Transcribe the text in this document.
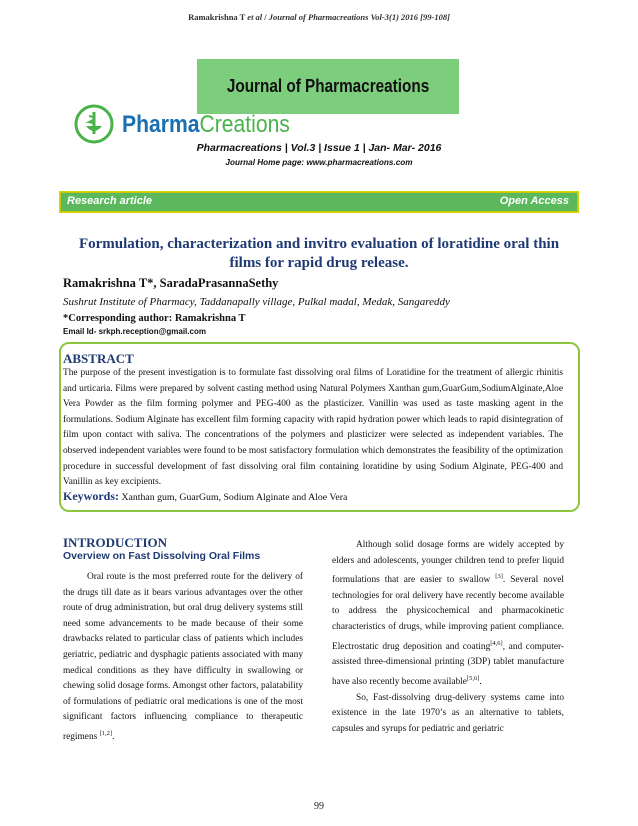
Ramakrishna T et al / Journal of Pharmacreations Vol-3(1) 2016 [99-108]
Journal of Pharmacreations
PharmaCreations
Pharmacreations | Vol.3 | Issue 1 | Jan- Mar- 2016
Journal Home page: www.pharmacreations.com
Research article	Open Access
Formulation, characterization and invitro evaluation of loratidine oral thin films for rapid drug release.
Ramakrishna T*, SaradaPrasannaSethy
Sushrut Institute of Pharmacy, Taddanapally village, Pulkal madal, Medak, Sangareddy
*Corresponding author: Ramakrishna T
Email Id- srkph.reception@gmail.com
ABSTRACT
The purpose of the present investigation is to formulate fast dissolving oral films of Loratidine for the treatment of allergic rhinitis and urticaria. Films were prepared by solvent casting method using Natural Polymers Xanthan gum,GuarGum,SodiumAlginate,Aloe Vera Powder as the film forming polymer and PEG-400 as the plasticizer. Vanillin was used as taste masking agent in the formulations. Sodium Alginate has excellent film forming capacity with rapid hydration power which leads to rapid disintegration of film upon contact with saliva. The concentrations of the polymers and plasticizer were selected as independent variables. The observed independent variables were found to be most satisfactory formulation which demonstrates the feasibility of the optimization procedure in successful development of fast dissolving oral film containing loratidine by using Sodium Alginate, PEG-400 and Vanillin as key excipients.
Keywords: Xanthan gum, GuarGum, Sodium Alginate and Aloe Vera
INTRODUCTION
Overview on Fast Dissolving Oral Films

Oral route is the most preferred route for the delivery of the drugs till date as it bears various advantages over the other route of drug administration, but oral drug delivery systems still need some advancements to be made because of their some drawbacks related to particular class of patients which includes geriatric, pediatric and dysphagic patients associated with many medical conditions as they have difficulty in swallowing or chewing solid dosage forms. Amongst other factors, palatability of formulations of pediatric oral medications is one of the most significant factors influencing compliance to therapeutic regimens [1,2].

Although solid dosage forms are widely accepted by elders and adolescents, younger children tend to prefer liquid formulations that are easier to swallow [3]. Several novel technologies for oral delivery have recently become available to address the physicochemical and pharmacokinetic characteristics of drugs, while improving patient compliance. Electrostatic drug deposition and coating[4,6], and computer-assisted three-dimensional printing (3DP) tablet manufacture have also recently become available[5,6].

So, Fast-dissolving drug-delivery systems came into existence in the late 1970’s as an alternative to tablets, capsules and syrups for pediatric and geriatric

99
